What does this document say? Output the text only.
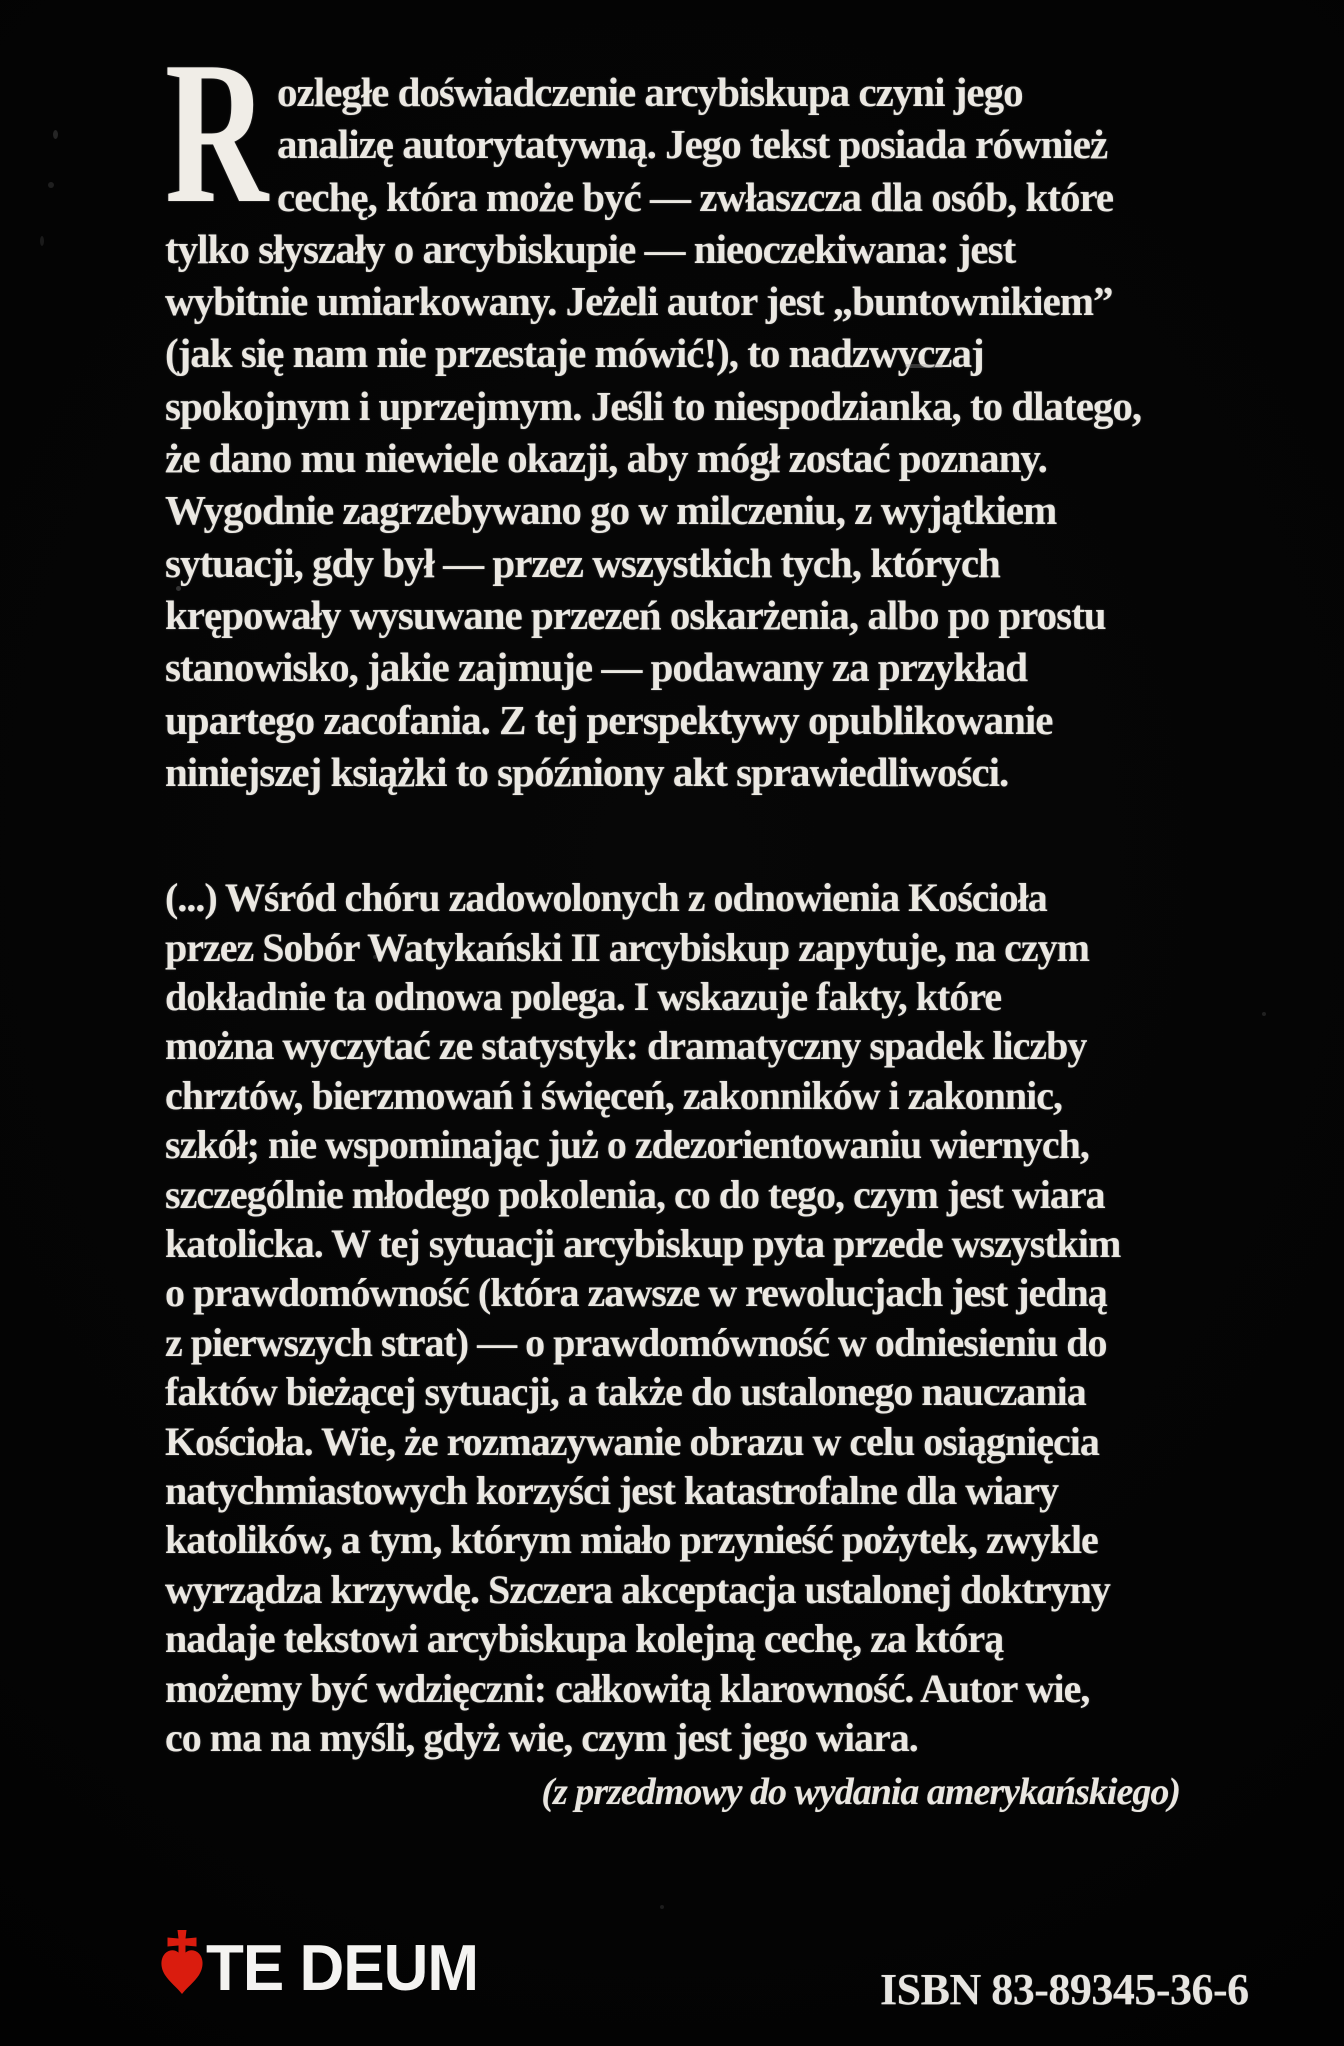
R ozległe doświadczenie arcybiskupa czyni jego
analizę autorytatywną. Jego tekst posiada również
cechę, która może być — zwłaszcza dla osób, które
tylko słyszały o arcybiskupie — nieoczekiwana: jest
wybitnie umiarkowany. Jeżeli autor jest „buntownikiem”
(jak się nam nie przestaje mówić!), to nadzwyczaj
spokojnym i uprzejmym. Jeśli to niespodzianka, to dlatego,
że dano mu niewiele okazji, aby mógł zostać poznany.
Wygodnie zagrzebywano go w milczeniu, z wyjątkiem
sytuacji, gdy był — przez wszystkich tych, których
krępowały wysuwane przezeń oskarżenia, albo po prostu
stanowisko, jakie zajmuje — podawany za przykład
upartego zacofania. Z tej perspektywy opublikowanie
niniejszej książki to spóźniony akt sprawiedliwości.
(...) Wśród chóru zadowolonych z odnowienia Kościoła
przez Sobór Watykański II arcybiskup zapytuje, na czym
dokładnie ta odnowa polega. I wskazuje fakty, które
można wyczytać ze statystyk: dramatyczny spadek liczby
chrztów, bierzmowań i święceń, zakonników i zakonnic,
szkół; nie wspominając już o zdezorientowaniu wiernych,
szczególnie młodego pokolenia, co do tego, czym jest wiara
katolicka. W tej sytuacji arcybiskup pyta przede wszystkim
o prawdomówność (która zawsze w rewolucjach jest jedną
z pierwszych strat) — o prawdomówność w odniesieniu do
faktów bieżącej sytuacji, a także do ustalonego nauczania
Kościoła. Wie, że rozmazywanie obrazu w celu osiągnięcia
natychmiastowych korzyści jest katastrofalne dla wiary
katolików, a tym, którym miało przynieść pożytek, zwykle
wyrządza krzywdę. Szczera akceptacja ustalonej doktryny
nadaje tekstowi arcybiskupa kolejną cechę, za którą
możemy być wdzięczni: całkowitą klarowność. Autor wie,
co ma na myśli, gdyż wie, czym jest jego wiara.
(z przedmowy do wydania amerykańskiego)
TE DEUM	ISBN 83-89345-36-6
